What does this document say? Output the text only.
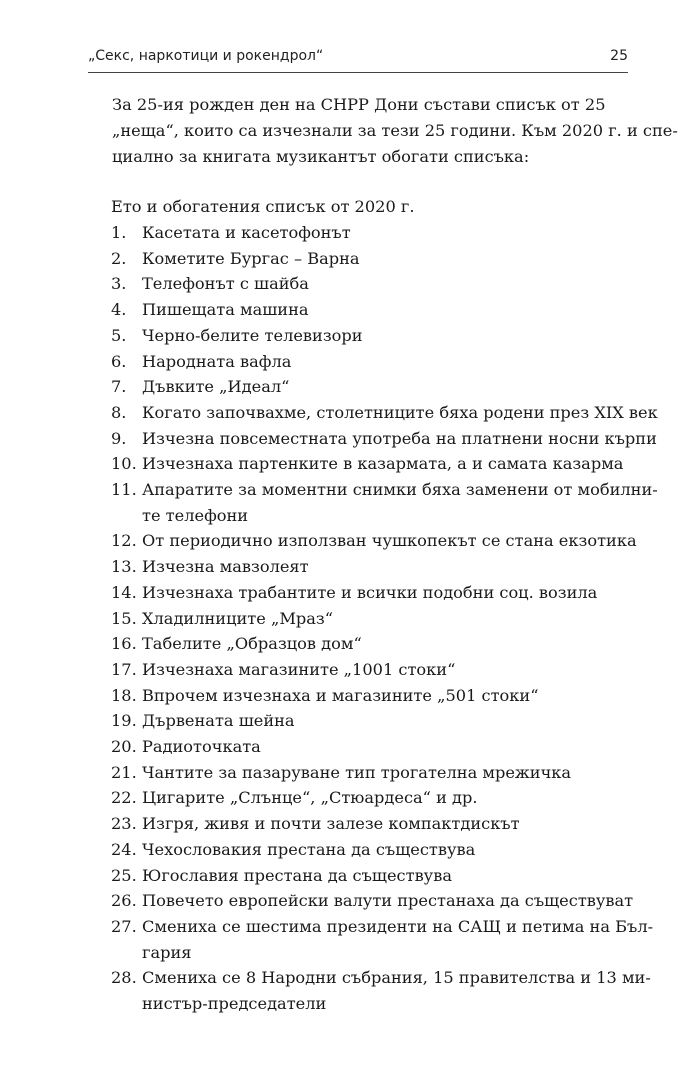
„Секс, наркотици и рокендрол“	25

За 25-ия рожден ден на СНРР Дони състави списък от 25
„неща“, които са изчезнали за тези 25 години. Към 2020 г. и спе-
циално за книгата музикантът обогати списъка:

Ето и обогатения списък от 2020 г.

1. Касетата и касетофонът
2. Кометите Бургас – Варна
3. Телефонът с шайба
4. Пишещата машина
5. Черно-белите телевизори
6. Народната вафла
7. Дъвките „Идеал“
8. Когато започвахме, столетниците бяха родени през XIX век
9. Изчезна повсеместната употреба на платнени носни кърпи
10. Изчезнаха партенките в казармата, а и самата казарма
11. Апаратите за моментни снимки бяха заменени от мобилни-
те телефони
12. От периодично използван чушкопекът се стана екзотика
13. Изчезна мавзолеят
14. Изчезнаха трабантите и всички подобни соц. возила
15. Хладилниците „Мраз“
16. Табелите „Образцов дом“
17. Изчезнаха магазините „1001 стоки“
18. Впрочем изчезнаха и магазините „501 стоки“
19. Дървената шейна
20. Радиоточката
21. Чантите за пазаруване тип трогателна мрежичка
22. Цигарите „Слънце“, „Стюардеса“ и др.
23. Изгря, живя и почти залезе компактдискът
24. Чехословакия престана да съществува
25. Югославия престана да съществува
26. Повечето европейски валути престанаха да съществуват
27. Смениха се шестима президенти на САЩ и петима на Бъл-
гария
28. Смениха се 8 Народни събрания, 15 правителства и 13 ми-
нистър-председатели
